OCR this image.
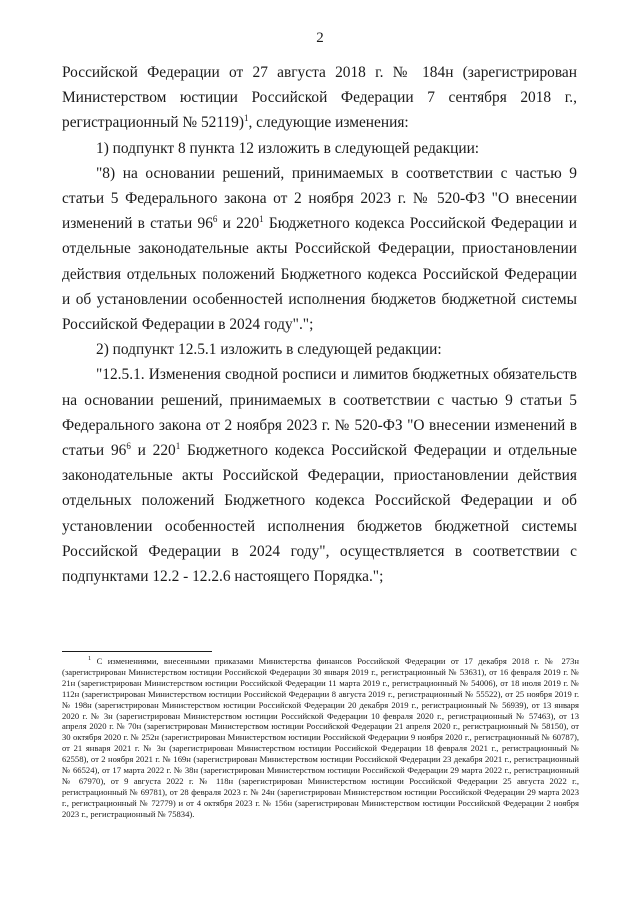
2

Российской Федерации от 27 августа 2018 г. № 184н (зарегистрирован Министерством юстиции Российской Федерации 7 сентября 2018 г., регистрационный № 52119)$^1$, следующие изменения:

1) подпункт 8 пункта 12 изложить в следующей редакции:

"8) на основании решений, принимаемых в соответствии с частью 9 статьи 5 Федерального закона от 2 ноября 2023 г. № 520-ФЗ "О внесении изменений в статьи $96^6$ и $220^1$ Бюджетного кодекса Российской Федерации и отдельные законодательные акты Российской Федерации, приостановлении действия отдельных положений Бюджетного кодекса Российской Федерации и об установлении особенностей исполнения бюджетов бюджетной системы Российской Федерации в 2024 году".";

2) подпункт 12.5.1 изложить в следующей редакции:

"12.5.1. Изменения сводной росписи и лимитов бюджетных обязательств на основании решений, принимаемых в соответствии с частью 9 статьи 5 Федерального закона от 2 ноября 2023 г. № 520-ФЗ "О внесении изменений в статьи $96^6$ и $220^1$ Бюджетного кодекса Российской Федерации и отдельные законодательные акты Российской Федерации, приостановлении действия отдельных положений Бюджетного кодекса Российской Федерации и об установлении особенностей исполнения бюджетов бюджетной системы Российской Федерации в 2024 году", осуществляется в соответствии с подпунктами 12.2 - 12.2.6 настоящего Порядка.";

$^1$ С изменениями, внесенными приказами Министерства финансов Российской Федерации от 17 декабря 2018 г. № 273н (зарегистрирован Министерством юстиции Российской Федерации 30 января 2019 г., регистрационный № 53631), от 16 февраля 2019 г. № 21н (зарегистрирован Министерством юстиции Российской Федерации 11 марта 2019 г., регистрационный № 54006), от 18 июля 2019 г. № 112н (зарегистрирован Министерством юстиции Российской Федерации 8 августа 2019 г., регистрационный № 55522), от 25 ноября 2019 г. № 198н (зарегистрирован Министерством юстиции Российской Федерации 20 декабря 2019 г., регистрационный № 56939), от 13 января 2020 г. № 3н (зарегистрирован Министерством юстиции Российской Федерации 10 февраля 2020 г., регистрационный № 57463), от 13 апреля 2020 г. № 70н (зарегистрирован Министерством юстиции Российской Федерации 21 апреля 2020 г., регистрационный № 58150), от 30 октября 2020 г. № 252н (зарегистрирован Министерством юстиции Российской Федерации 9 ноября 2020 г., регистрационный № 60787), от 21 января 2021 г. № 3н (зарегистрирован Министерством юстиции Российской Федерации 18 февраля 2021 г., регистрационный № 62558), от 2 ноября 2021 г. № 169н (зарегистрирован Министерством юстиции Российской Федерации 23 декабря 2021 г., регистрационный № 66524), от 17 марта 2022 г. № 38н (зарегистрирован Министерством юстиции Российской Федерации 29 марта 2022 г., регистрационный № 67970), от 9 августа 2022 г. № 118н (зарегистрирован Министерством юстиции Российской Федерации 25 августа 2022 г., регистрационный № 69781), от 28 февраля 2023 г. № 24н (зарегистрирован Министерством юстиции Российской Федерации 29 марта 2023 г., регистрационный № 72779) и от 4 октября 2023 г. № 156н (зарегистрирован Министерством юстиции Российской Федерации 2 ноября 2023 г., регистрационный № 75834).
